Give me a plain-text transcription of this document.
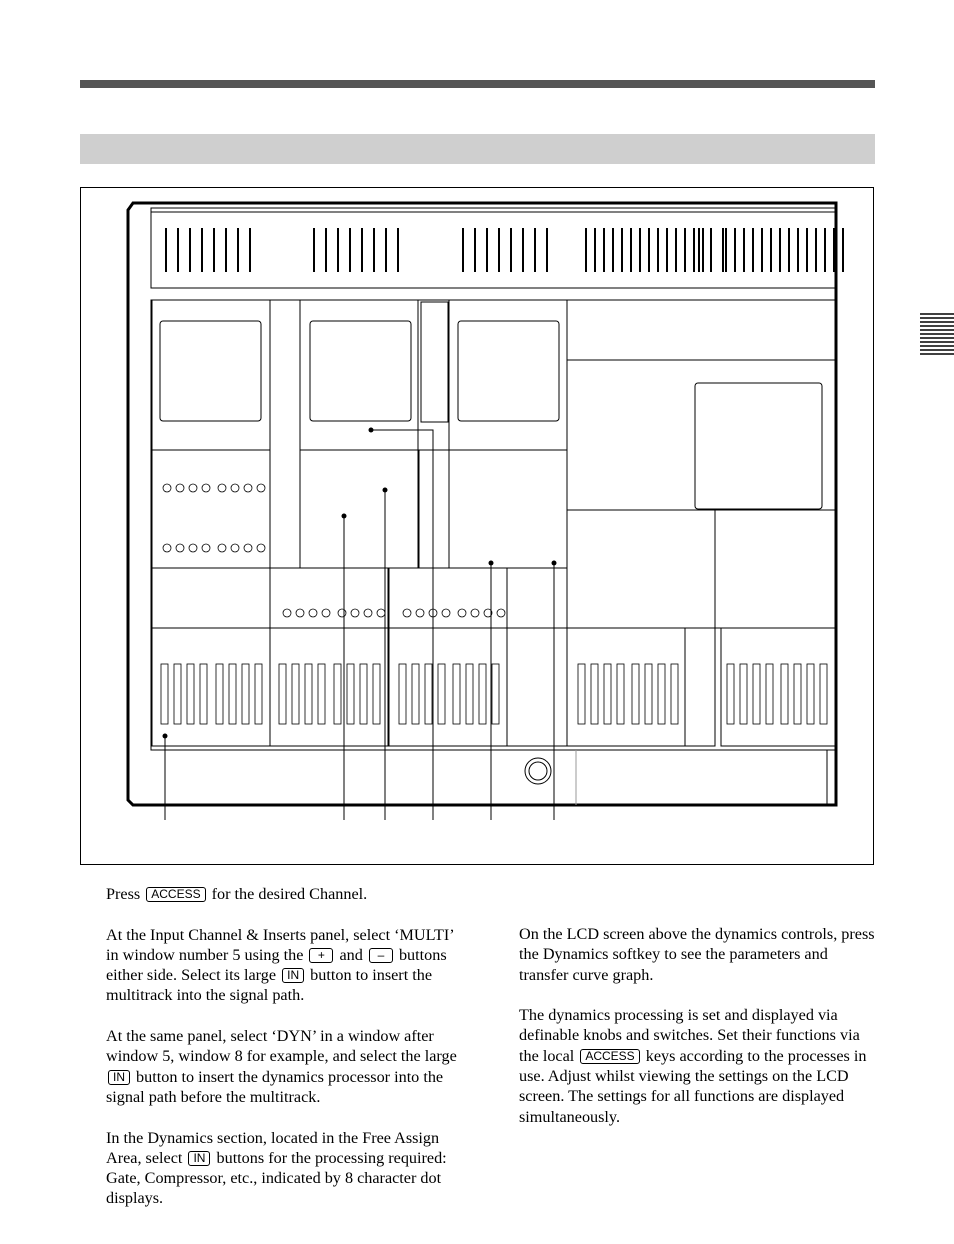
Press ACCESS for the desired Channel.

At the Input Channel & Inserts panel, select ‘MULTI’ in window number 5 using the + and – buttons either side. Select its large IN button to insert the multitrack into the signal path.

At the same panel, select ‘DYN’ in a window after window 5, window 8 for example, and select the large IN button to insert the dynamics processor into the signal path before the multitrack.

In the Dynamics section, located in the Free Assign Area, select IN buttons for the processing required: Gate, Compressor, etc., indicated by 8 character dot displays.

On the LCD screen above the dynamics controls, press the Dynamics softkey to see the parameters and transfer curve graph.

The dynamics processing is set and displayed via definable knobs and switches. Set their functions via the local ACCESS keys according to the processes in use. Adjust whilst viewing the settings on the LCD screen. The settings for all functions are displayed simultaneously.
